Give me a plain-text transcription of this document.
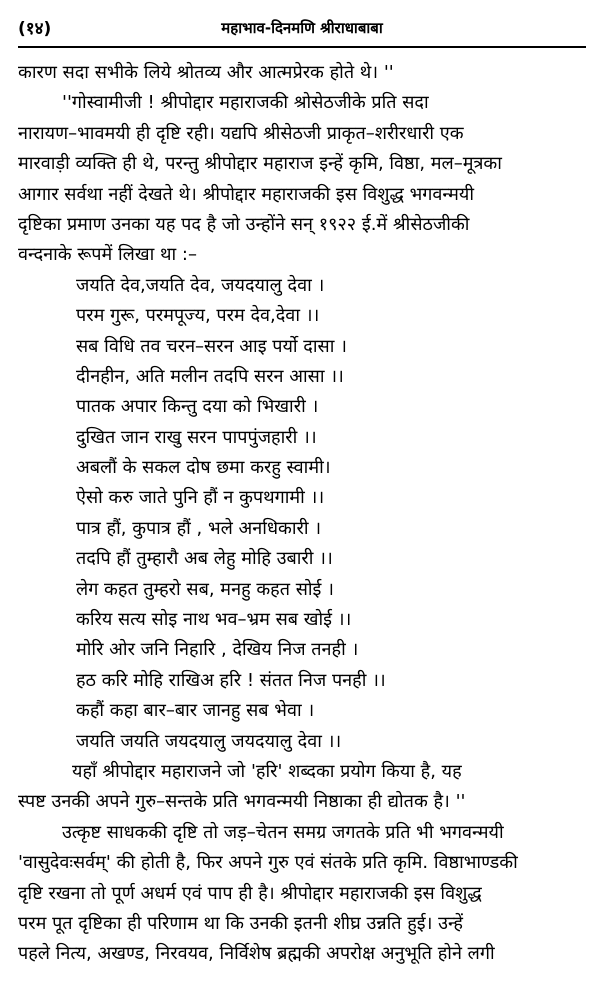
(१४)	महाभाव-दिनमणि श्रीराधाबाबा
कारण सदा सभीके लिये श्रोतव्य और आत्मप्रेरक होते थे। ''
''गोस्वामीजी ! श्रीपोद्दार महाराजकी श्रोसेठजीके प्रति सदा
नारायण–भावमयी ही दृष्टि रही। यद्यपि श्रीसेठजी प्राकृत–शरीरधारी एक
मारवाड़ी व्यक्ति ही थे, परन्तु श्रीपोद्दार महाराज इन्हें कृमि, विष्ठा, मल–मूत्रका
आगार सर्वथा नहीं देखते थे। श्रीपोद्दार महाराजकी इस विशुद्ध भगवन्मयी
दृष्टिका प्रमाण उनका यह पद है जो उन्होंने सन् १९२२ ई.में श्रीसेठजीकी
वन्दनाके रूपमें लिखा था :–
जयति देव,जयति देव, जयदयालु देवा ।
परम गुरू, परमपूज्य, परम देव,देवा ।।
सब विधि तव चरन–सरन आइ पर्यो दासा ।
दीनहीन, अति मलीन तदपि सरन आसा ।।
पातक अपार किन्तु दया को भिखारी ।
दुखित जान राखु सरन पापपुंजहारी ।।
अबलौं के सकल दोष छमा करहु स्वामी।
ऐसो करु जाते पुनि हौं न कुपथगामी ।।
पात्र हौं, कुपात्र हौं , भले अनधिकारी ।
तदपि हौं तुम्हारौ अब लेहु मोहि उबारी ।।
लेग कहत तुम्हरो सब, मनहु कहत सोई ।
करिय सत्य सोइ नाथ भव–भ्रम सब खोई ।।
मोरि ओर जनि निहारि , देखिय निज तनही ।
हठ करि मोहि राखिअ हरि ! संतत निज पनही ।।
कहौं कहा बार–बार जानहु सब भेवा ।
जयति जयति जयदयालु जयदयालु देवा ।।
यहाँ श्रीपोद्दार महाराजने जो 'हरि' शब्दका प्रयोग किया है, यह
स्पष्ट उनकी अपने गुरु–सन्तके प्रति भगवन्मयी निष्ठाका ही द्योतक है। ''
उत्कृष्ट साधककी दृष्टि तो जड़–चेतन समग्र जगतके प्रति भी भगवन्मयी
'वासुदेवःसर्वम्' की होती है, फिर अपने गुरु एवं संतके प्रति कृमि. विष्ठाभाण्डकी
दृष्टि रखना तो पूर्ण अधर्म एवं पाप ही है। श्रीपोद्दार महाराजकी इस विशुद्ध
परम पूत दृष्टिका ही परिणाम था कि उनकी इतनी शीघ्र उन्नति हुई। उन्हें
पहले नित्य, अखण्ड, निरवयव, निर्विशेष ब्रह्मकी अपरोक्ष अनुभूति होने लगी
